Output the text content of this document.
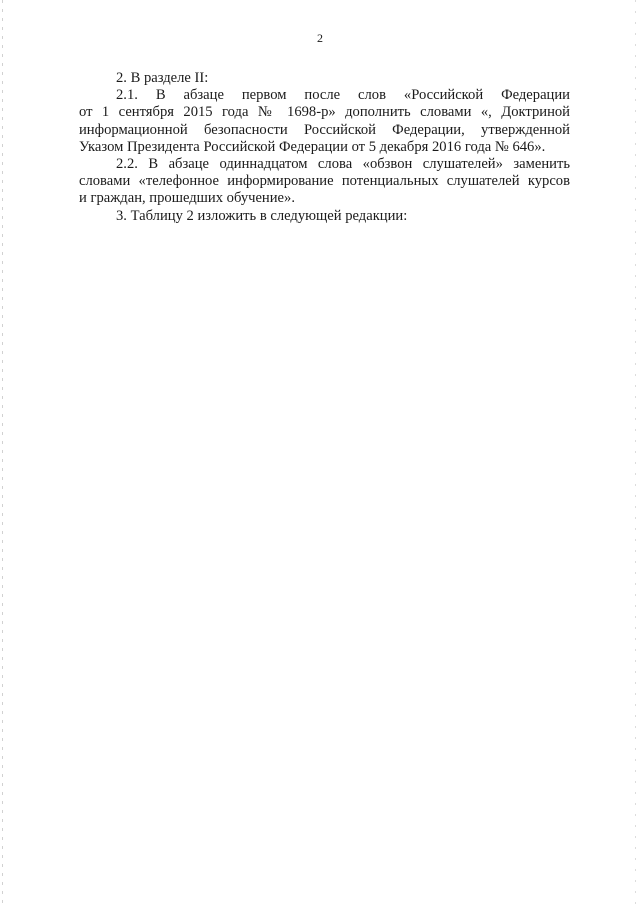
2
2. В разделе II:
2.1. В абзаце первом после слов «Российской Федерации
от 1 сентября 2015 года № 1698-р» дополнить словами «, Доктриной
информационной безопасности Российской Федерации, утвержденной
Указом Президента Российской Федерации от 5 декабря 2016 года № 646».
2.2. В абзаце одиннадцатом слова «обзвон слушателей» заменить
словами «телефонное информирование потенциальных слушателей курсов
и граждан, прошедших обучение».
3. Таблицу 2 изложить в следующей редакции:
